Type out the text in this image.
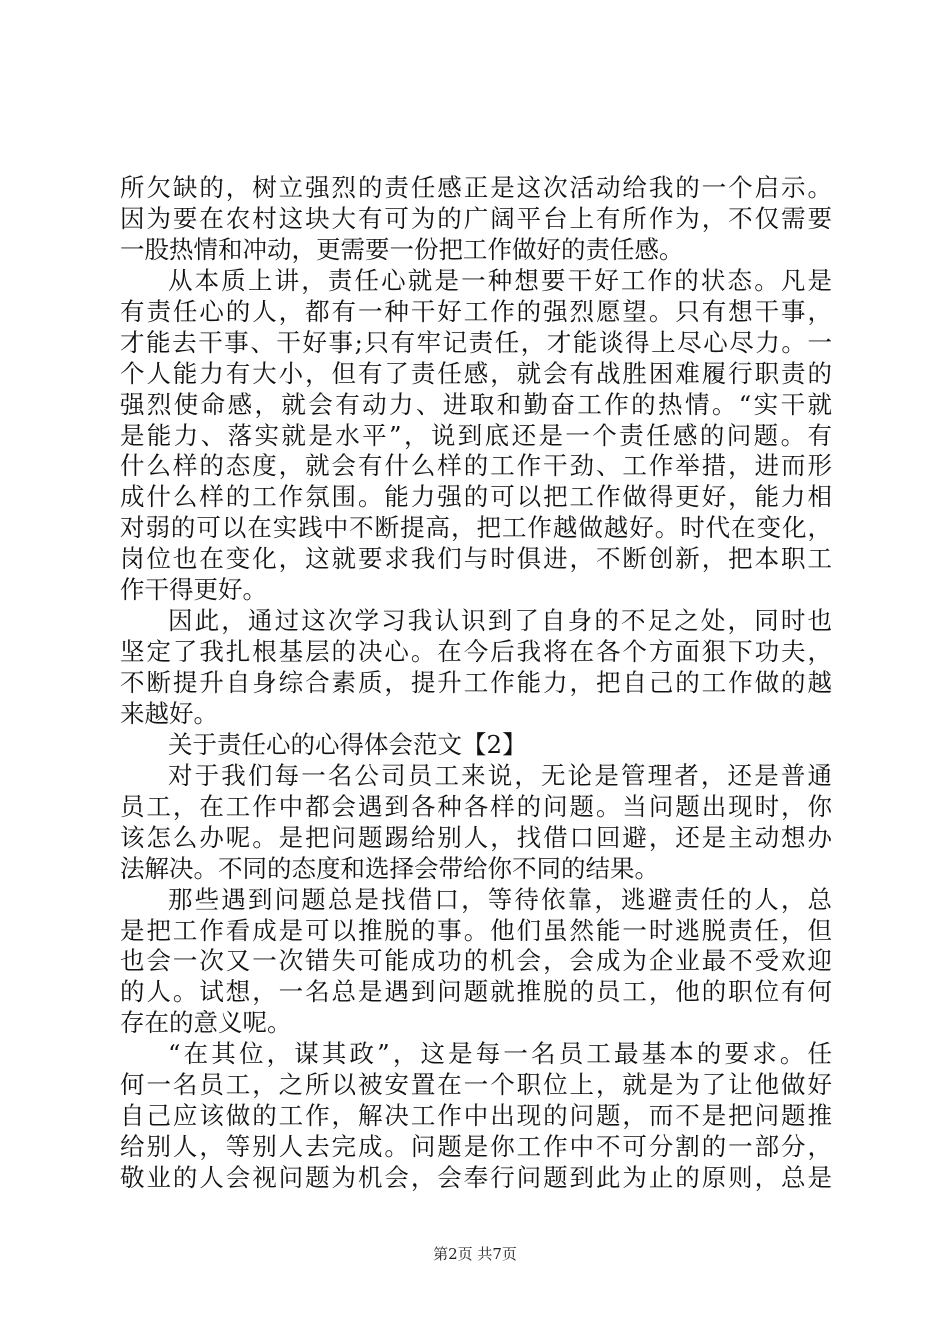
所欠缺的，树立强烈的责任感正是这次活动给我的一个启示。
因为要在农村这块大有可为的广阔平台上有所作为，不仅需要
一股热情和冲动，更需要一份把工作做好的责任感。
从本质上讲，责任心就是一种想要干好工作的状态。凡是
有责任心的人，都有一种干好工作的强烈愿望。只有想干事，
才能去干事、干好事;只有牢记责任，才能谈得上尽心尽力。一
个人能力有大小，但有了责任感，就会有战胜困难履行职责的
强烈使命感，就会有动力、进取和勤奋工作的热情。“实干就
是能力、落实就是水平”，说到底还是一个责任感的问题。有
什么样的态度，就会有什么样的工作干劲、工作举措，进而形
成什么样的工作氛围。能力强的可以把工作做得更好，能力相
对弱的可以在实践中不断提高，把工作越做越好。时代在变化，
岗位也在变化，这就要求我们与时俱进，不断创新，把本职工
作干得更好。
因此，通过这次学习我认识到了自身的不足之处，同时也
坚定了我扎根基层的决心。在今后我将在各个方面狠下功夫，
不断提升自身综合素质，提升工作能力，把自己的工作做的越
来越好。
关于责任心的心得体会范文【2】
对于我们每一名公司员工来说，无论是管理者，还是普通
员工，在工作中都会遇到各种各样的问题。当问题出现时，你
该怎么办呢。是把问题踢给别人，找借口回避，还是主动想办
法解决。不同的态度和选择会带给你不同的结果。
那些遇到问题总是找借口，等待依靠，逃避责任的人，总
是把工作看成是可以推脱的事。他们虽然能一时逃脱责任，但
也会一次又一次错失可能成功的机会，会成为企业最不受欢迎
的人。试想，一名总是遇到问题就推脱的员工，他的职位有何
存在的意义呢。
“在其位，谋其政”，这是每一名员工最基本的要求。任
何一名员工，之所以被安置在一个职位上，就是为了让他做好
自己应该做的工作，解决工作中出现的问题，而不是把问题推
给别人，等别人去完成。问题是你工作中不可分割的一部分，
敬业的人会视问题为机会，会奉行问题到此为止的原则，总是
第2页 共7页
